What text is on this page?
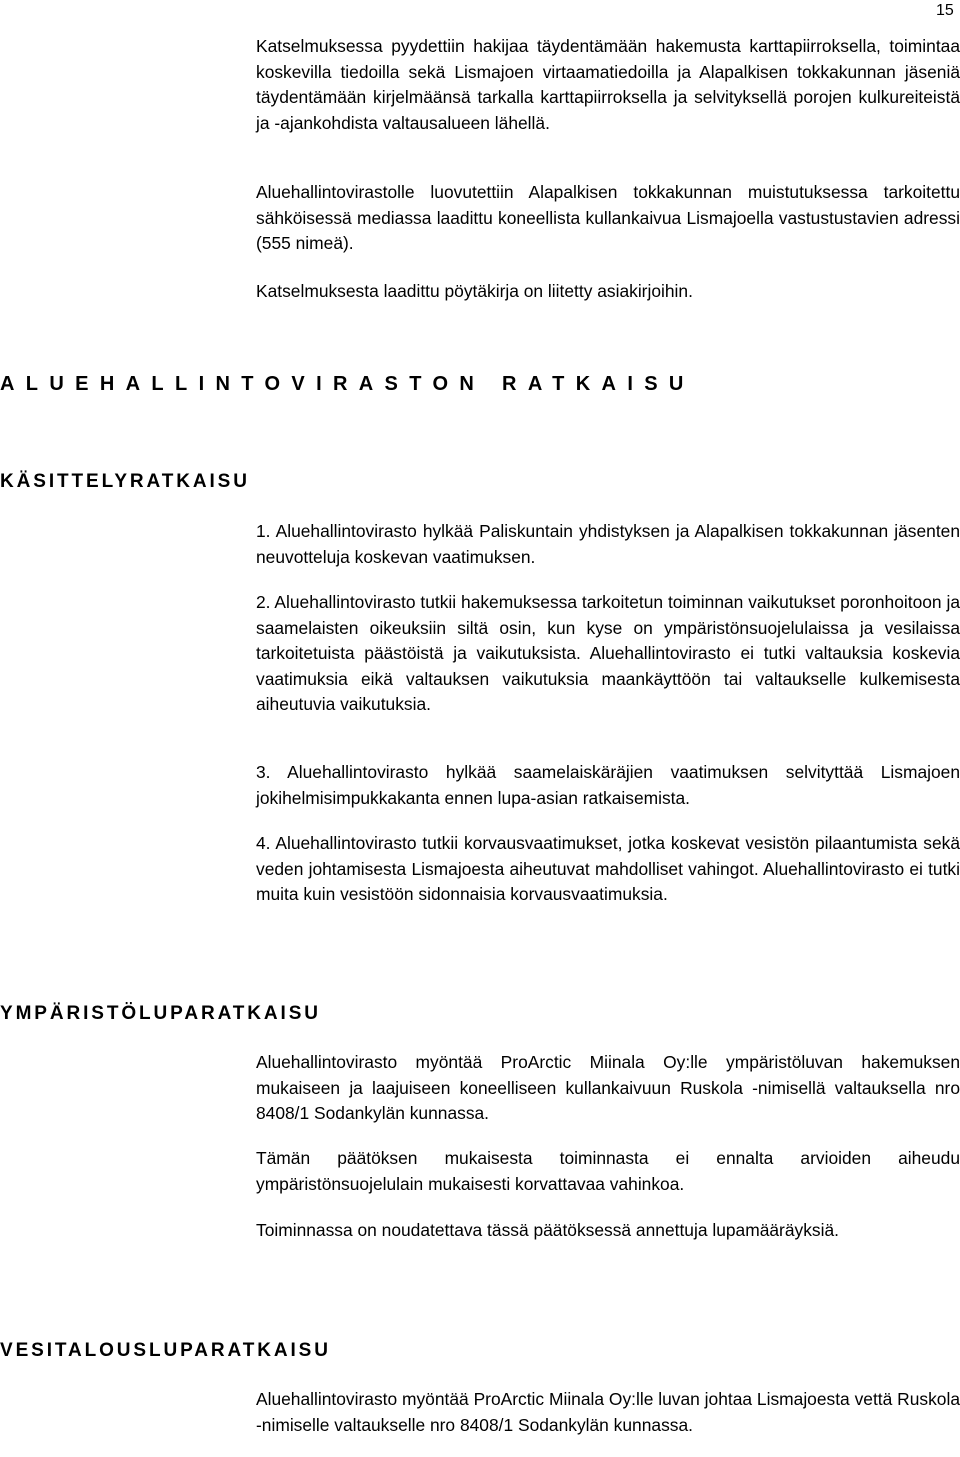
15

Katselmuksessa pyydettiin hakijaa täydentämään hakemusta karttapiirroksella, toimintaa koskevilla tiedoilla sekä Lismajoen virtaamatiedoilla ja Alapalkisen tokkakunnan jäseniä täydentämään kirjelmäänsä tarkalla karttapiirroksella ja selvityksellä porojen kulkureiteistä ja -ajankohdista valtausalueen lähellä.

Aluehallintovirastolle luovutettiin Alapalkisen tokkakunnan muistutuksessa tarkoitettu sähköisessä mediassa laadittu koneellista kullankaivua Lismajoella vastustustavien adressi (555 nimeä).

Katselmuksesta laadittu pöytäkirja on liitetty asiakirjoihin.

ALUEHALLINTOVIRASTON RATKAISU
KÄSITTELYRATKAISU

1. Aluehallintovirasto hylkää Paliskuntain yhdistyksen ja Alapalkisen tokkakunnan jäsenten neuvotteluja koskevan vaatimuksen.

2. Aluehallintovirasto tutkii hakemuksessa tarkoitetun toiminnan vaikutukset poronhoitoon ja saamelaisten oikeuksiin siltä osin, kun kyse on ympäristönsuojelulaissa ja vesilaissa tarkoitetuista päästöistä ja vaikutuksista. Aluehallintovirasto ei tutki valtauksia koskevia vaatimuksia eikä valtauksen vaikutuksia maankäyttöön tai valtaukselle kulkemisesta aiheutuvia vaikutuksia.

3. Aluehallintovirasto hylkää saamelaiskäräjien vaatimuksen selvityttää Lismajoen jokihelmisimpukkakanta ennen lupa-asian ratkaisemista.

4. Aluehallintovirasto tutkii korvausvaatimukset, jotka koskevat vesistön pilaantumista sekä veden johtamisesta Lismajoesta aiheutuvat mahdolliset vahingot. Aluehallintovirasto ei tutki muita kuin vesistöön sidonnaisia korvausvaatimuksia.

YMPÄRISTÖLUPARATKAISU

Aluehallintovirasto myöntää ProArctic Miinala Oy:lle ympäristöluvan hakemuksen mukaiseen ja laajuiseen koneelliseen kullankaivuun Ruskola -nimisellä valtauksella nro 8408/1 Sodankylän kunnassa.

Tämän päätöksen mukaisesta toiminnasta ei ennalta arvioiden aiheudu ympäristönsuojelulain mukaisesti korvattavaa vahinkoa.

Toiminnassa on noudatettava tässä päätöksessä annettuja lupamääräyksiä.

VESITALOUSLUPARATKAISU

Aluehallintovirasto myöntää ProArctic Miinala Oy:lle luvan johtaa Lismajoesta vettä Ruskola -nimiselle valtaukselle nro 8408/1 Sodankylän kunnassa.
